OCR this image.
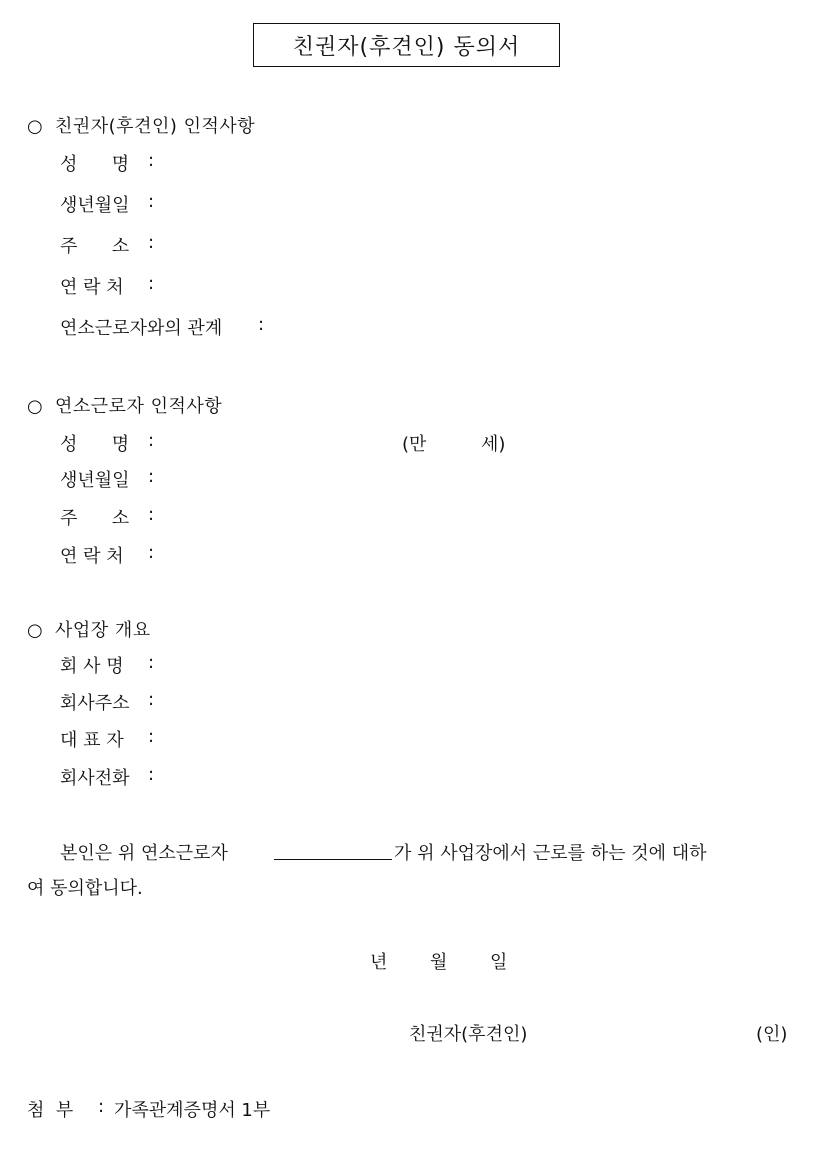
친권자(후견인) 동의서
○ 친권자(후견인) 인적사항
성      명 :
생년월일 :
주      소 :
연 락 처 :
연소근로자와의 관계 :
○ 연소근로자 인적사항
성      명 :	(만	세)
생년월일 :
주      소 :
연 락 처 :
○ 사업장 개요
회 사 명 :
회사주소 :
대 표 자 :
회사전화 :
본인은 위 연소근로자	가 위 사업장에서 근로를 하는 것에 대하
여 동의합니다.
년 월 일
친권자(후견인)	(인)
첨  부 : 가족관계증명서 1부
